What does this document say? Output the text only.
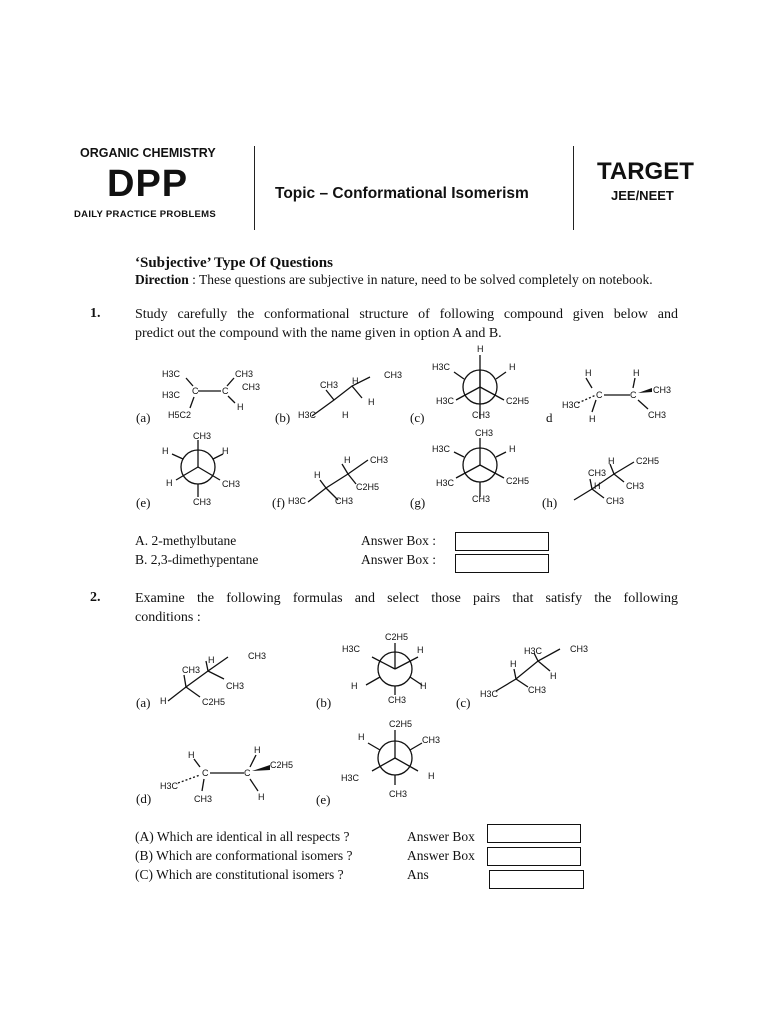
ORGANIC CHEMISTRY
DPP
DAILY PRACTICE PROBLEMS
Topic – Conformational Isomerism
TARGET
JEE/NEET
‘Subjective’ Type Of Questions
Direction : These questions are subjective in nature, need to be solved completely on notebook.
1. Study carefully the conformational structure of following compound given below and
predict out the compound with the name given in option A and B.
(a)
H3C
H3C C
H5C2
C
CH3
CH3
H
(b) H3C
CH3
H
H
H
CH3
(c)
H
H3C	H
H3C	C2H5
CH3	d
H3C
C
H
H
C
H
CH3
CH3
(e)
CH3
H	H
H	CH3
CH3	(f) H3C
H
CH3
H
C2H5
CH3
(g)
CH3
H3C	H
H3C	C2H5
CH3	(h)
CH3
CH3
H
CH3
C2H5
H
A. 2-methylbutane	Answer Box :
B. 2,3-dimethypentane	Answer Box :
2. Examine the following formulas and select those pairs that satisfy the following
conditions :
(a) H
CH3
C2H5
H
CH3
CH3
(b)
C2H5
H3C	H
H	H
CH3	(c)
H3C
H
CH3
H3C
H
CH3
(d)
H3C
C
H
CH3
C
H
C2H5
H	(e)
C2H5
H	CH3
H3C	H
CH3
(A) Which are identical in all respects ?	Answer Box
(B) Which are conformational isomers ?	Answer Box
(C) Which are constitutional isomers ?	Ans
